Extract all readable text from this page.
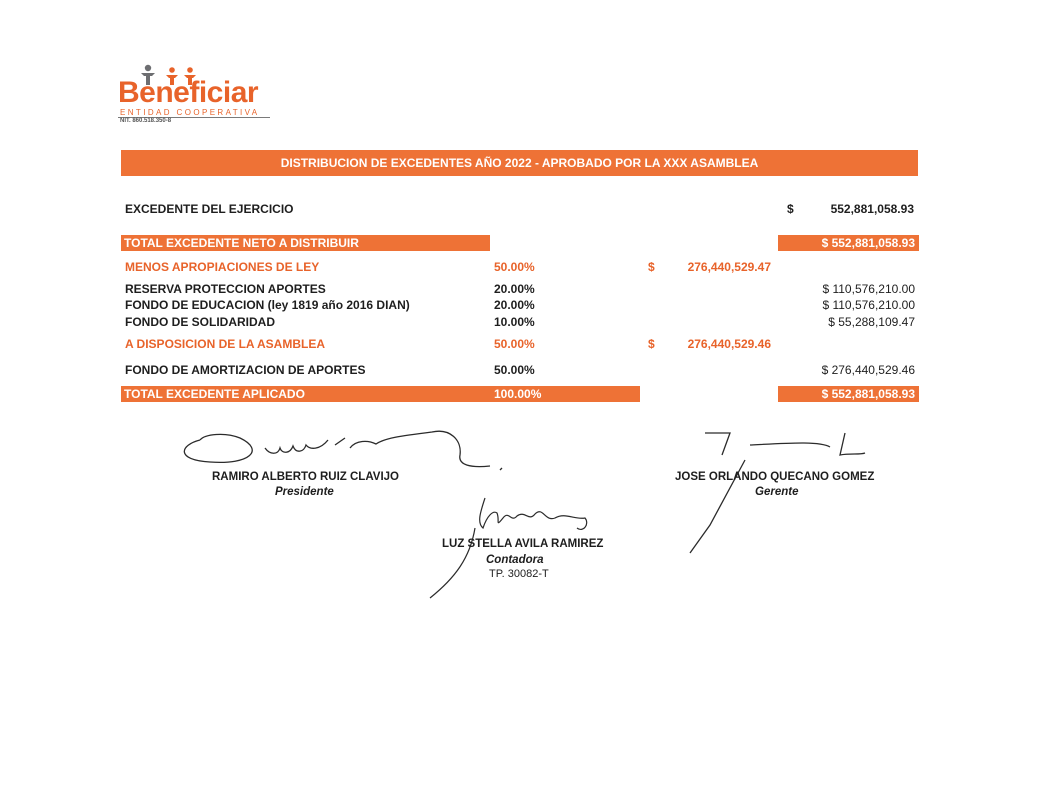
Beneficiar
ENTIDAD COOPERATIVA
NIT. 860.518.350-8
DISTRIBUCION DE EXCEDENTES AÑO 2022 - APROBADO POR LA XXX ASAMBLEA
EXCEDENTE DEL EJERCICIO	$	552,881,058.93
TOTAL EXCEDENTE NETO A DISTRIBUIR	$ 552,881,058.93
MENOS APROPIACIONES DE LEY	50.00%	$	276,440,529.47
RESERVA PROTECCION APORTES	20.00%	$ 110,576,210.00
FONDO DE EDUCACION (ley 1819 año 2016 DIAN)	20.00%	$ 110,576,210.00
FONDO DE SOLIDARIDAD	10.00%	$ 55,288,109.47
A DISPOSICION DE LA ASAMBLEA	50.00%	$	276,440,529.46
FONDO DE AMORTIZACION DE APORTES	50.00%	$ 276,440,529.46
TOTAL EXCEDENTE APLICADO	100.00%	$ 552,881,058.93
RAMIRO ALBERTO RUIZ CLAVIJO
Presidente
JOSE ORLANDO QUECANO GOMEZ
Gerente
LUZ STELLA AVILA RAMIREZ
Contadora
TP. 30082-T
